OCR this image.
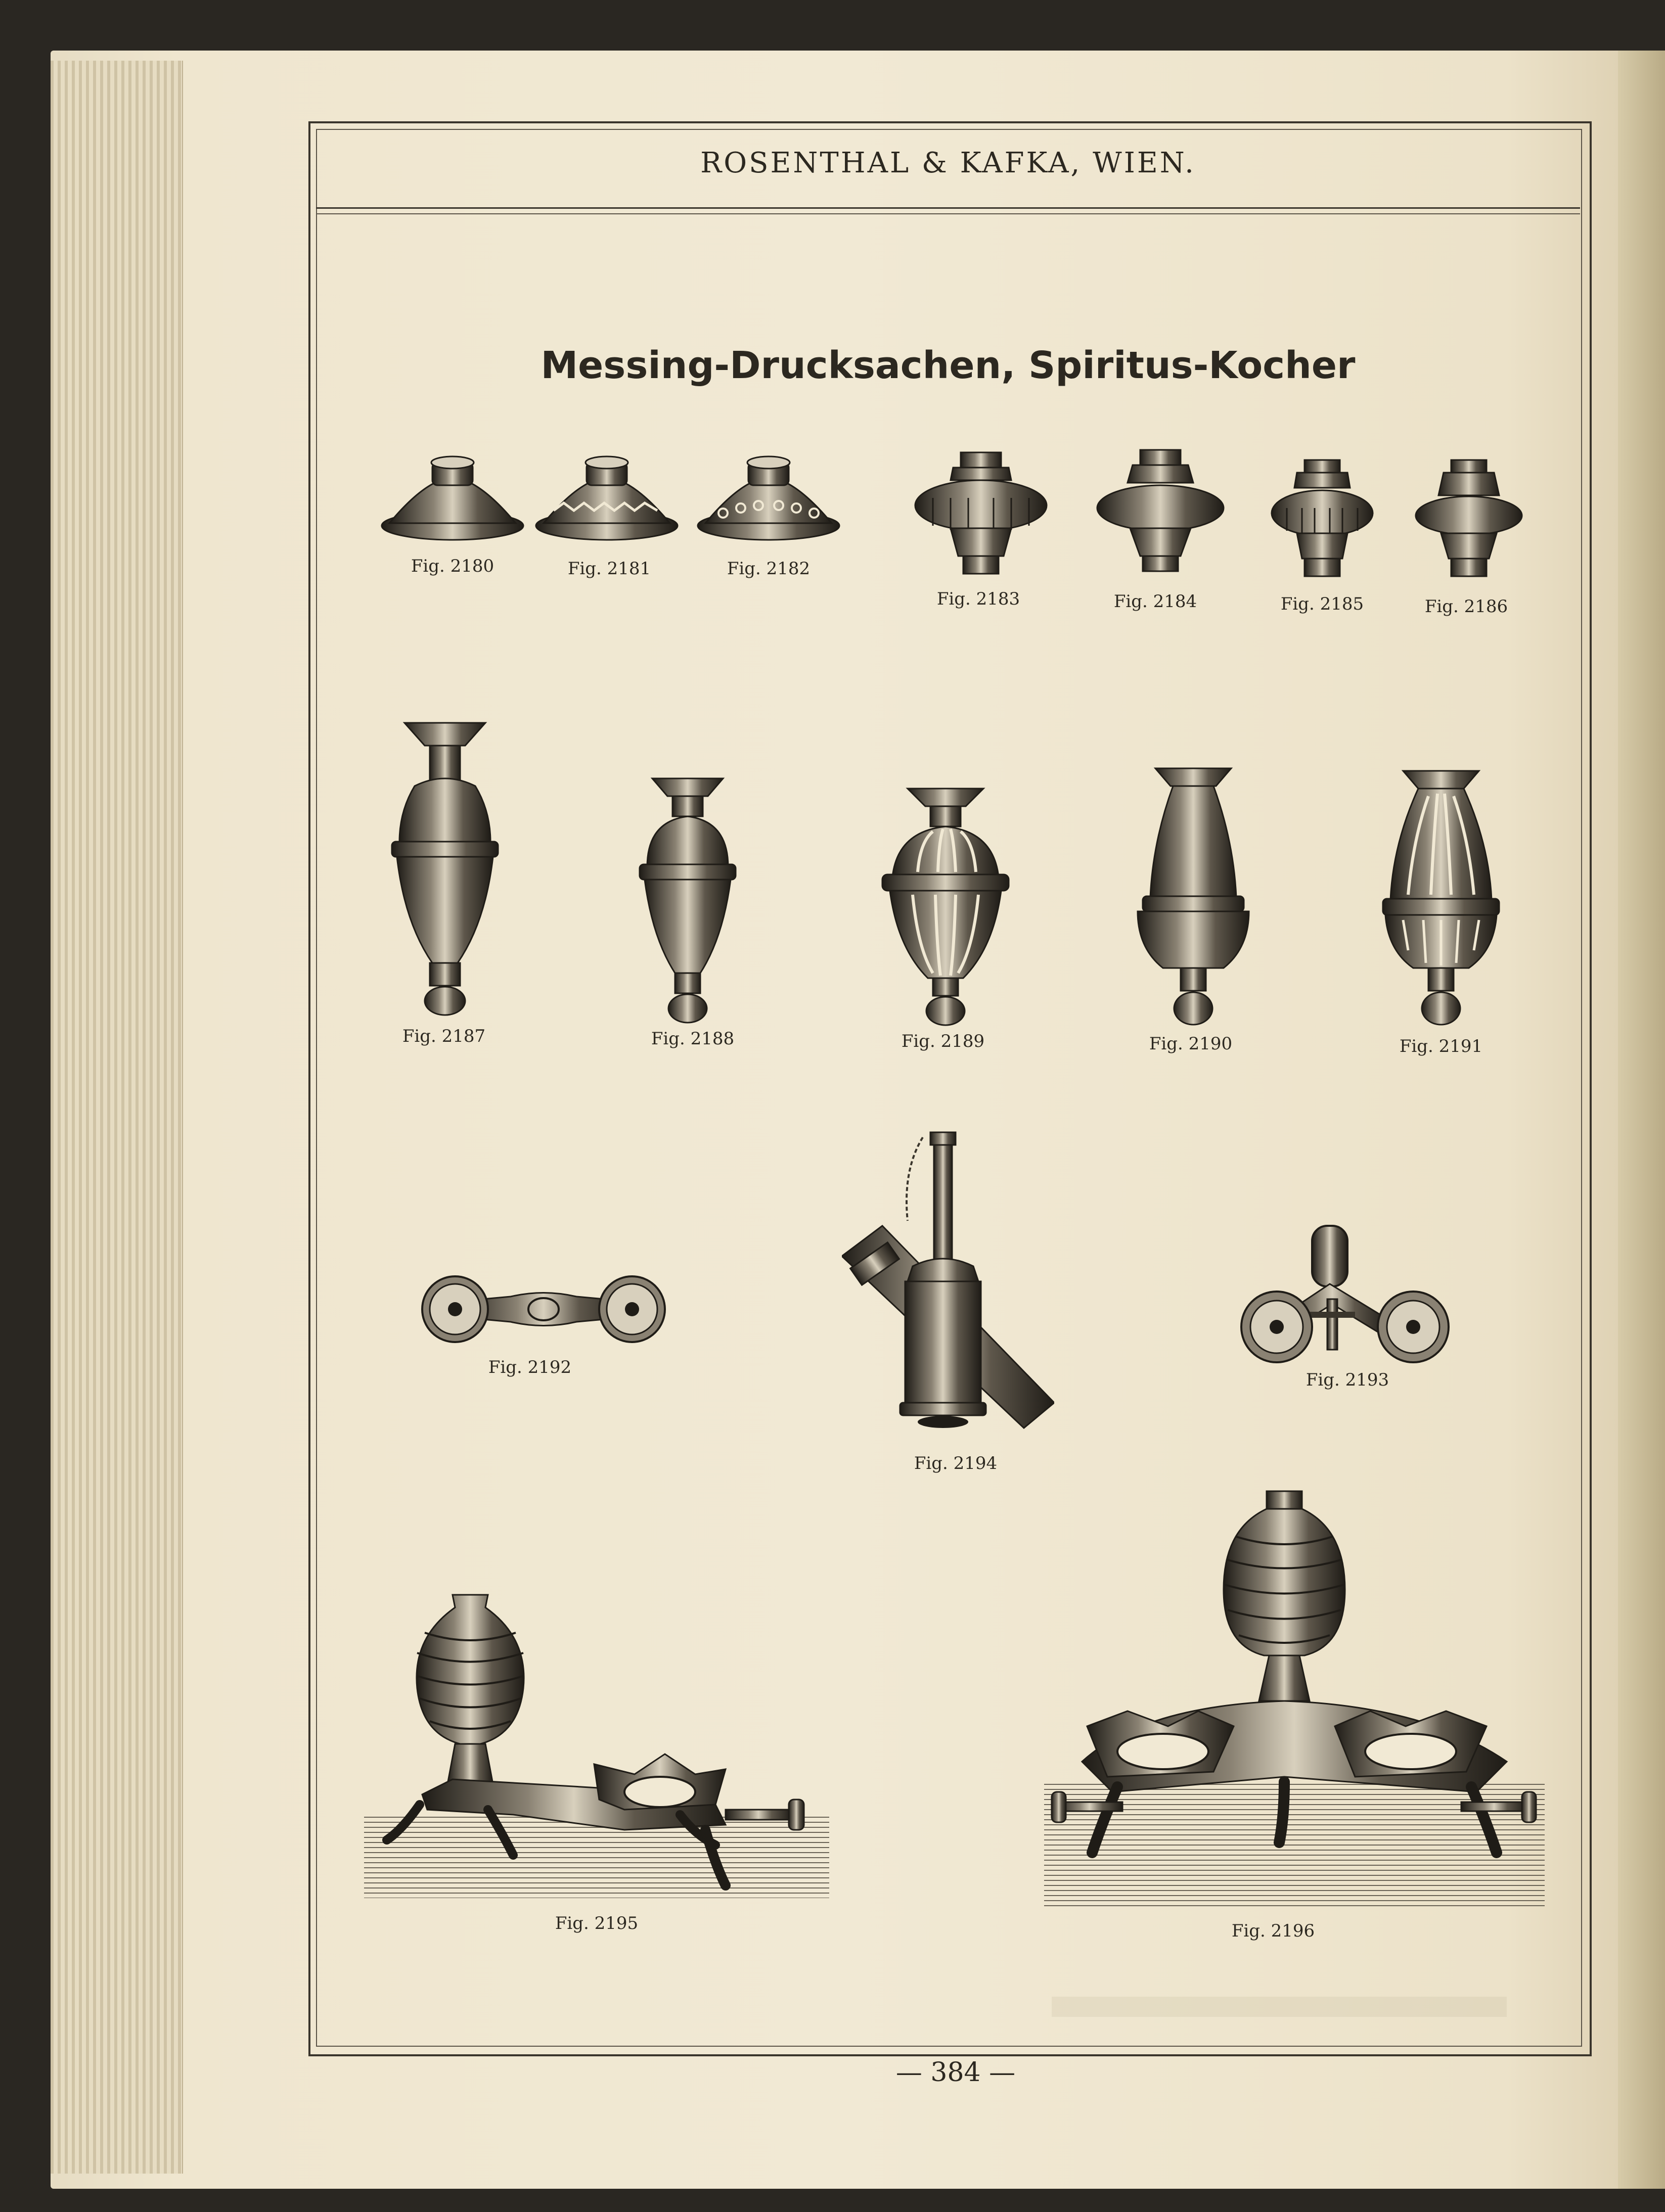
ROSENTHAL & KAFKA, WIEN.
Messing-Drucksachen, Spiritus-Kocher
Fig. 2180	Fig. 2181	Fig. 2182
Fig. 2183	Fig. 2184	Fig. 2185	Fig. 2186
Fig. 2187	Fig. 2188	Fig. 2189	Fig. 2190	Fig. 2191
Fig. 2192
Fig. 2193
Fig. 2194
Fig. 2195	Fig. 2196
— 384 —
